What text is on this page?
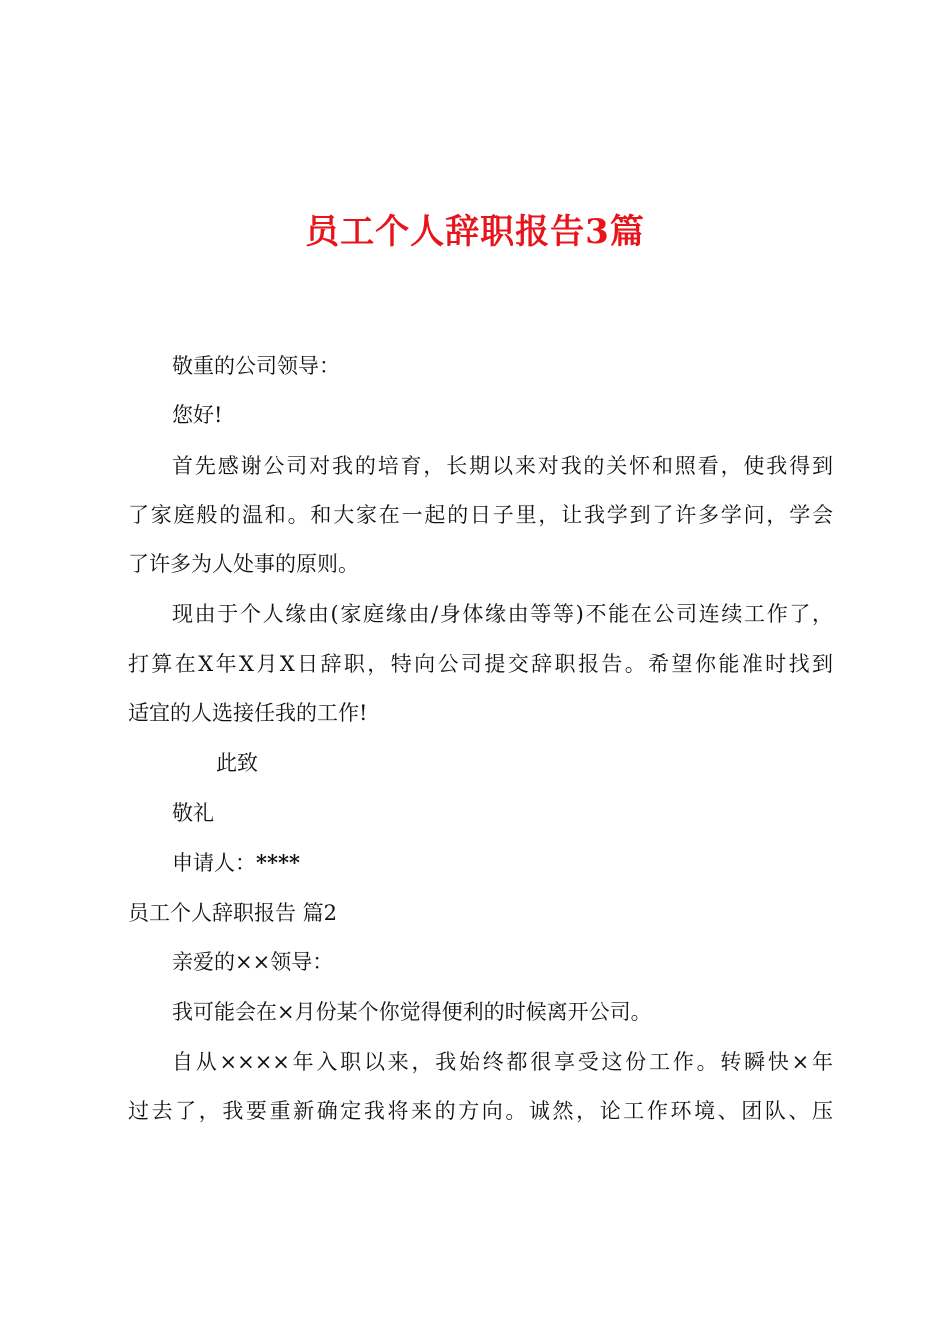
员工个人辞职报告3篇
敬重的公司领导：
您好!
首先感谢公司对我的培育，长期以来对我的关怀和照看，使我得到
了家庭般的温和。和大家在一起的日子里，让我学到了许多学问，学会
了许多为人处事的原则。
现由于个人缘由(家庭缘由/身体缘由等等)不能在公司连续工作了，
打算在X年X月X日辞职，特向公司提交辞职报告。希望你能准时找到
适宜的人选接任我的工作!
此致
敬礼
申请人：****
员工个人辞职报告 篇2
亲爱的××领导：
我可能会在×月份某个你觉得便利的时候离开公司。
自从××××年入职以来，我始终都很享受这份工作。转瞬快×年
过去了，我要重新确定我将来的方向。诚然，论工作环境、团队、压
